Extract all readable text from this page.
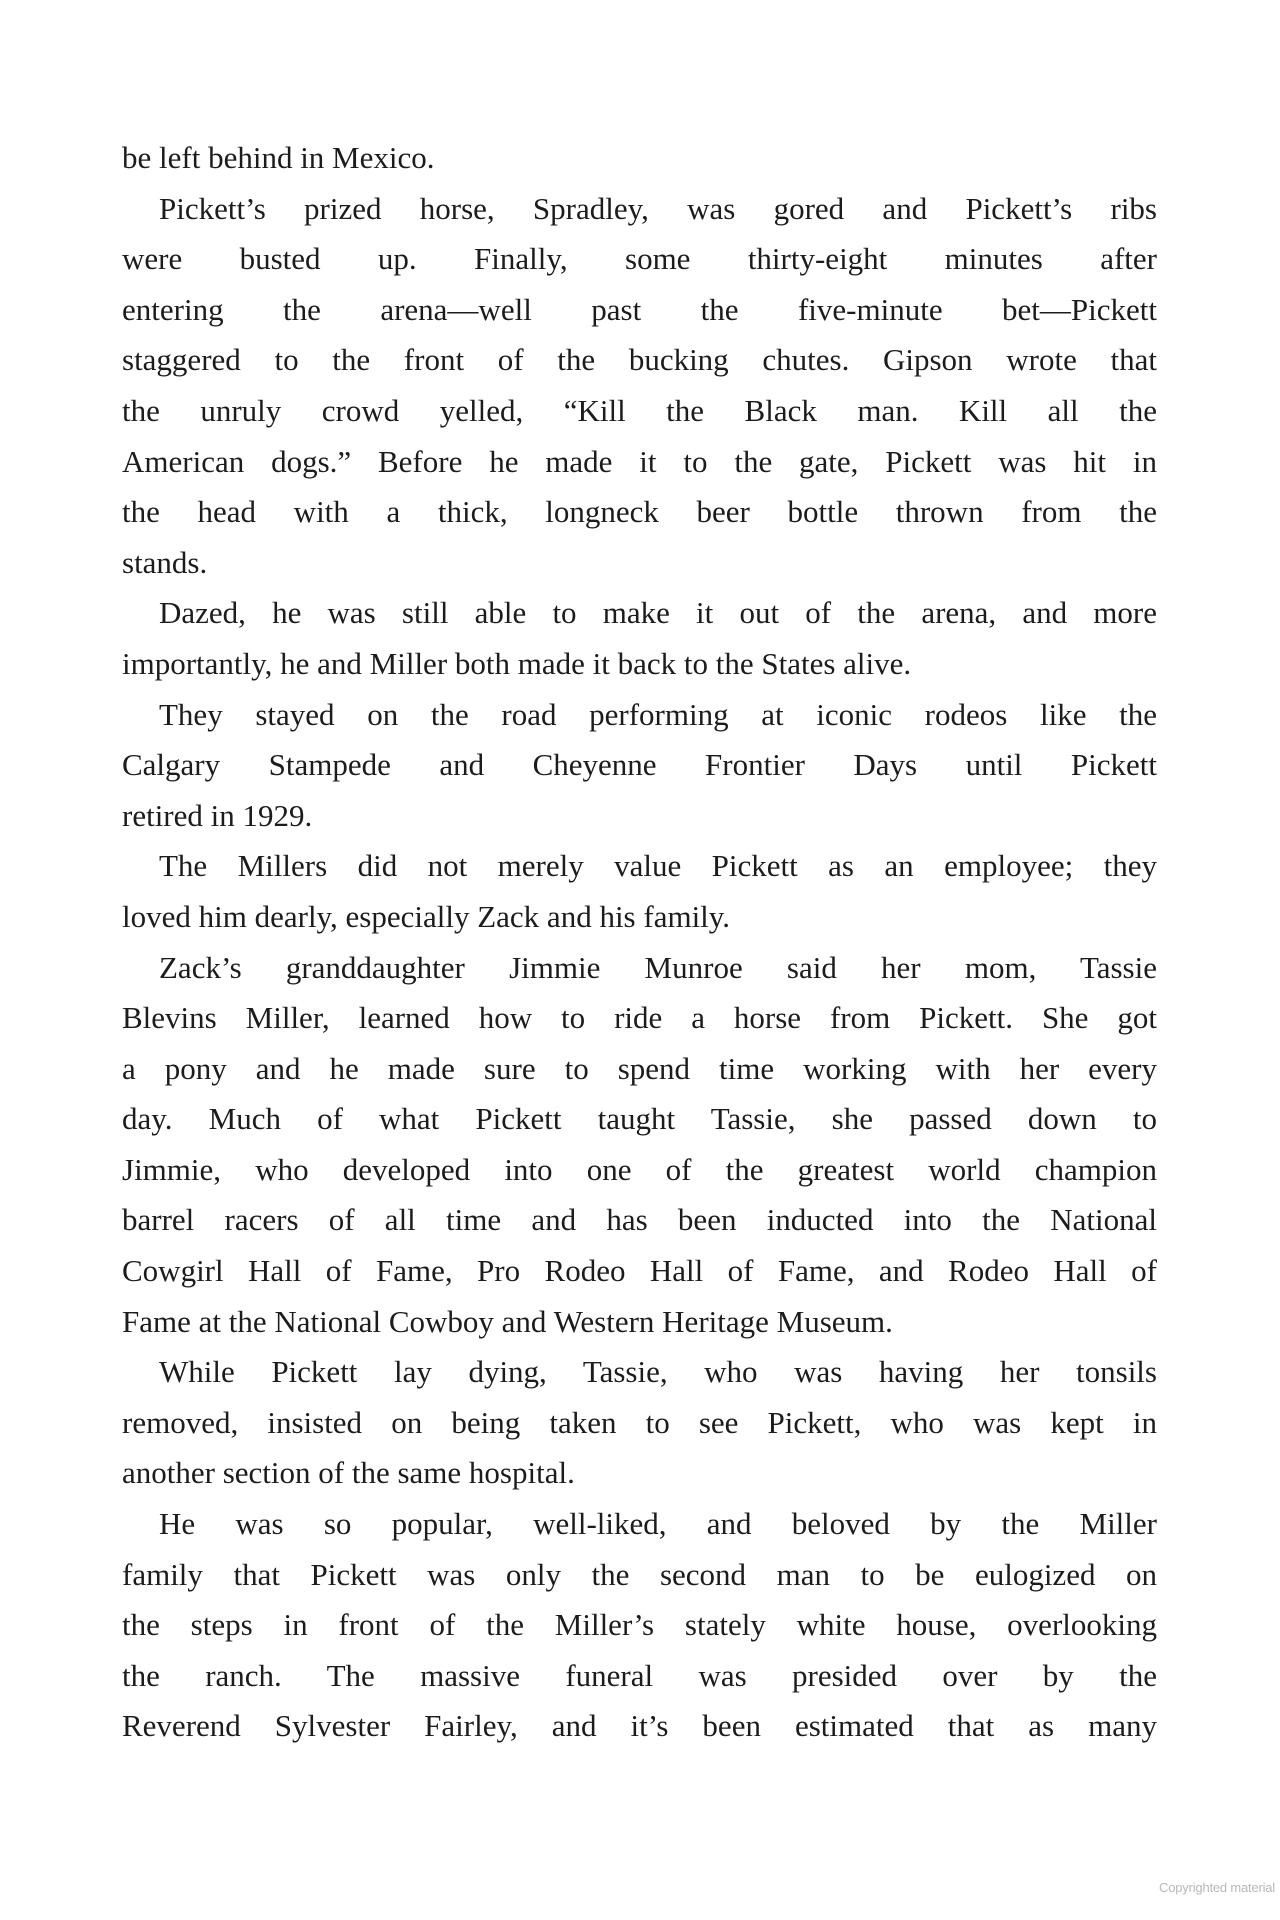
be left behind in Mexico.
Pickett’s prized horse, Spradley, was gored and Pickett’s ribs
were busted up. Finally, some thirty-eight minutes after
entering the arena—well past the five-minute bet—Pickett
staggered to the front of the bucking chutes. Gipson wrote that
the unruly crowd yelled, “Kill the Black man. Kill all the
American dogs.” Before he made it to the gate, Pickett was hit in
the head with a thick, longneck beer bottle thrown from the
stands.
Dazed, he was still able to make it out of the arena, and more
importantly, he and Miller both made it back to the States alive.
They stayed on the road performing at iconic rodeos like the
Calgary Stampede and Cheyenne Frontier Days until Pickett
retired in 1929.
The Millers did not merely value Pickett as an employee; they
loved him dearly, especially Zack and his family.
Zack’s granddaughter Jimmie Munroe said her mom, Tassie
Blevins Miller, learned how to ride a horse from Pickett. She got
a pony and he made sure to spend time working with her every
day. Much of what Pickett taught Tassie, she passed down to
Jimmie, who developed into one of the greatest world champion
barrel racers of all time and has been inducted into the National
Cowgirl Hall of Fame, Pro Rodeo Hall of Fame, and Rodeo Hall of
Fame at the National Cowboy and Western Heritage Museum.
While Pickett lay dying, Tassie, who was having her tonsils
removed, insisted on being taken to see Pickett, who was kept in
another section of the same hospital.
He was so popular, well-liked, and beloved by the Miller
family that Pickett was only the second man to be eulogized on
the steps in front of the Miller’s stately white house, overlooking
the ranch. The massive funeral was presided over by the
Reverend Sylvester Fairley, and it’s been estimated that as many
Copyrighted material
